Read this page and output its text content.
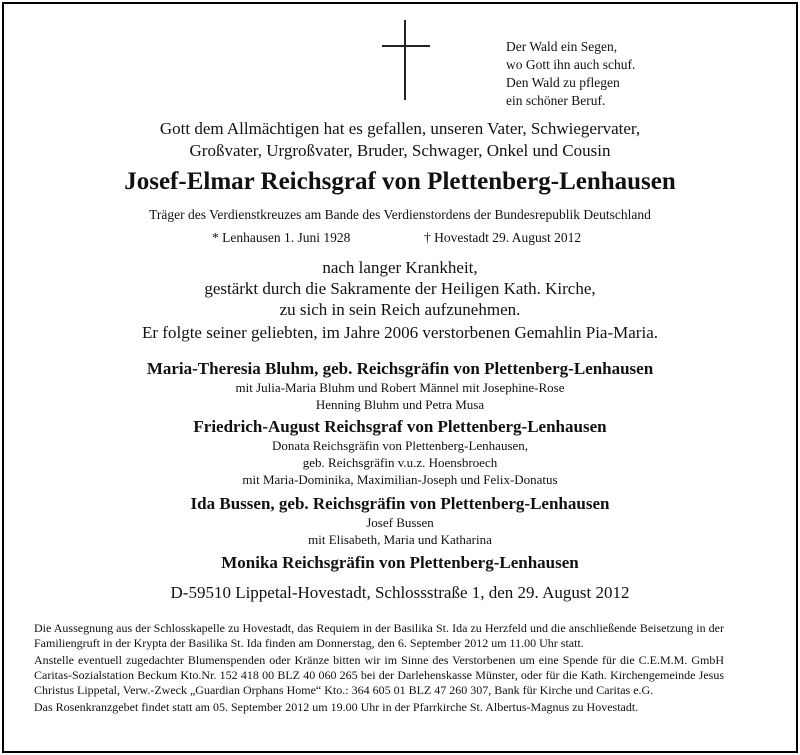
Der Wald ein Segen,
wo Gott ihn auch schuf.
Den Wald zu pflegen
ein schöner Beruf.
Gott dem Allmächtigen hat es gefallen, unseren Vater, Schwiegervater,
Großvater, Urgroßvater, Bruder, Schwager, Onkel und Cousin
Josef-Elmar Reichsgraf von Plettenberg-Lenhausen
Träger des Verdienstkreuzes am Bande des Verdienstordens der Bundesrepublik Deutschland
* Lenhausen 1. Juni 1928	† Hovestadt 29. August 2012
nach langer Krankheit,
gestärkt durch die Sakramente der Heiligen Kath. Kirche,
zu sich in sein Reich aufzunehmen.
Er folgte seiner geliebten, im Jahre 2006 verstorbenen Gemahlin Pia-Maria.
Maria-Theresia Bluhm, geb. Reichsgräfin von Plettenberg-Lenhausen
mit Julia-Maria Bluhm und Robert Männel mit Josephine-Rose
Henning Bluhm und Petra Musa
Friedrich-August Reichsgraf von Plettenberg-Lenhausen
Donata Reichsgräfin von Plettenberg-Lenhausen,
geb. Reichsgräfin v.u.z. Hoensbroech
mit Maria-Dominika, Maximilian-Joseph und Felix-Donatus
Ida Bussen, geb. Reichsgräfin von Plettenberg-Lenhausen
Josef Bussen
mit Elisabeth, Maria und Katharina
Monika Reichsgräfin von Plettenberg-Lenhausen
D-59510 Lippetal-Hovestadt, Schlossstraße 1, den 29. August 2012

Die Aussegnung aus der Schlosskapelle zu Hovestadt, das Requiem in der Basilika St. Ida zu Herzfeld und die anschließende Beisetzung in der Familiengruft in der Krypta der Basilika St. Ida finden am Donnerstag, den 6. September 2012 um 11.00 Uhr statt.

Anstelle eventuell zugedachter Blumenspenden oder Kränze bitten wir im Sinne des Verstorbenen um eine Spende für die C.E.M.M. GmbH Caritas-Sozialstation Beckum Kto.Nr. 152 418 00 BLZ 40 060 265 bei der Darlehenskasse Münster, oder für die Kath. Kirchengemeinde Jesus Christus Lippetal, Verw.-Zweck „Guardian Orphans Home“ Kto.: 364 605 01 BLZ 47 260 307, Bank für Kirche und Caritas e.G.

Das Rosenkranzgebet findet statt am 05. September 2012 um 19.00 Uhr in der Pfarrkirche St. Albertus-Magnus zu Hovestadt.
